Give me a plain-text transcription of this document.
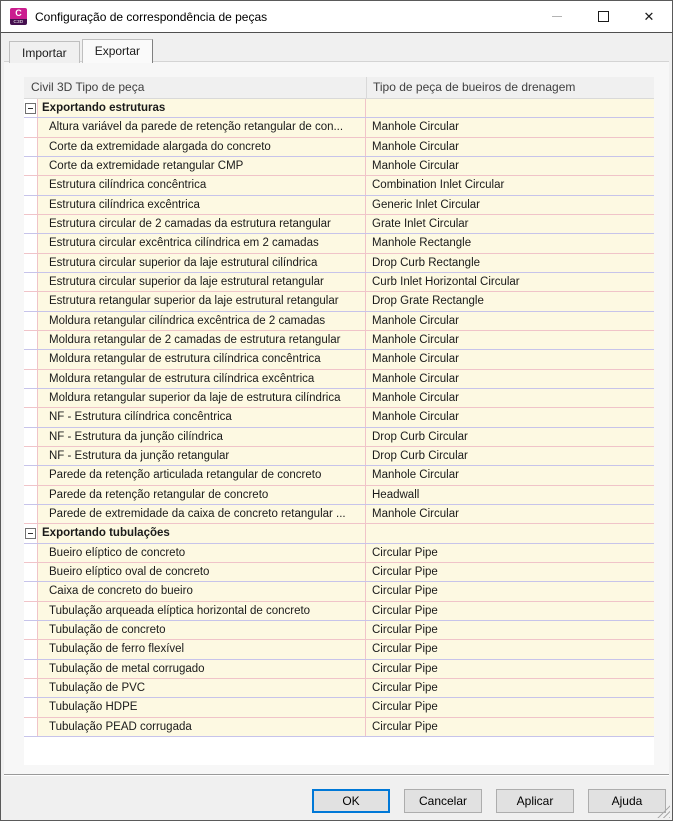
C
C3D Configuração de correspondência de peças	✕
Importar	Exportar
Civil 3D Tipo de peça	Tipo de peça de bueiros de drenagem
Exportando estruturas
Altura variável da parede de retenção retangular de con...	Manhole Circular
Corte da extremidade alargada do concreto	Manhole Circular
Corte da extremidade retangular CMP	Manhole Circular
Estrutura cilíndrica concêntrica	Combination Inlet Circular
Estrutura cilíndrica excêntrica	Generic Inlet Circular
Estrutura circular de 2 camadas da estrutura retangular	Grate Inlet Circular
Estrutura circular excêntrica cilíndrica em 2 camadas	Manhole Rectangle
Estrutura circular superior da laje estrutural cilíndrica	Drop Curb Rectangle
Estrutura circular superior da laje estrutural retangular	Curb Inlet Horizontal Circular
Estrutura retangular superior da laje estrutural retangular	Drop Grate Rectangle
Moldura retangular cilíndrica excêntrica de 2 camadas	Manhole Circular
Moldura retangular de 2 camadas de estrutura retangular	Manhole Circular
Moldura retangular de estrutura cilíndrica concêntrica	Manhole Circular
Moldura retangular de estrutura cilíndrica excêntrica	Manhole Circular
Moldura retangular superior da laje de estrutura cilíndrica	Manhole Circular
NF - Estrutura cilíndrica concêntrica	Manhole Circular
NF - Estrutura da junção cilíndrica	Drop Curb Circular
NF - Estrutura da junção retangular	Drop Curb Circular
Parede da retenção articulada retangular de concreto	Manhole Circular
Parede da retenção retangular de concreto	Headwall
Parede de extremidade da caixa de concreto retangular ...	Manhole Circular
Exportando tubulações
Bueiro elíptico de concreto	Circular Pipe
Bueiro elíptico oval de concreto	Circular Pipe
Caixa de concreto do bueiro	Circular Pipe
Tubulação arqueada elíptica horizontal de concreto	Circular Pipe
Tubulação de concreto	Circular Pipe
Tubulação de ferro flexível	Circular Pipe
Tubulação de metal corrugado	Circular Pipe
Tubulação de PVC	Circular Pipe
Tubulação HDPE	Circular Pipe
Tubulação PEAD corrugada	Circular Pipe
OK	Cancelar	Aplicar	Ajuda
